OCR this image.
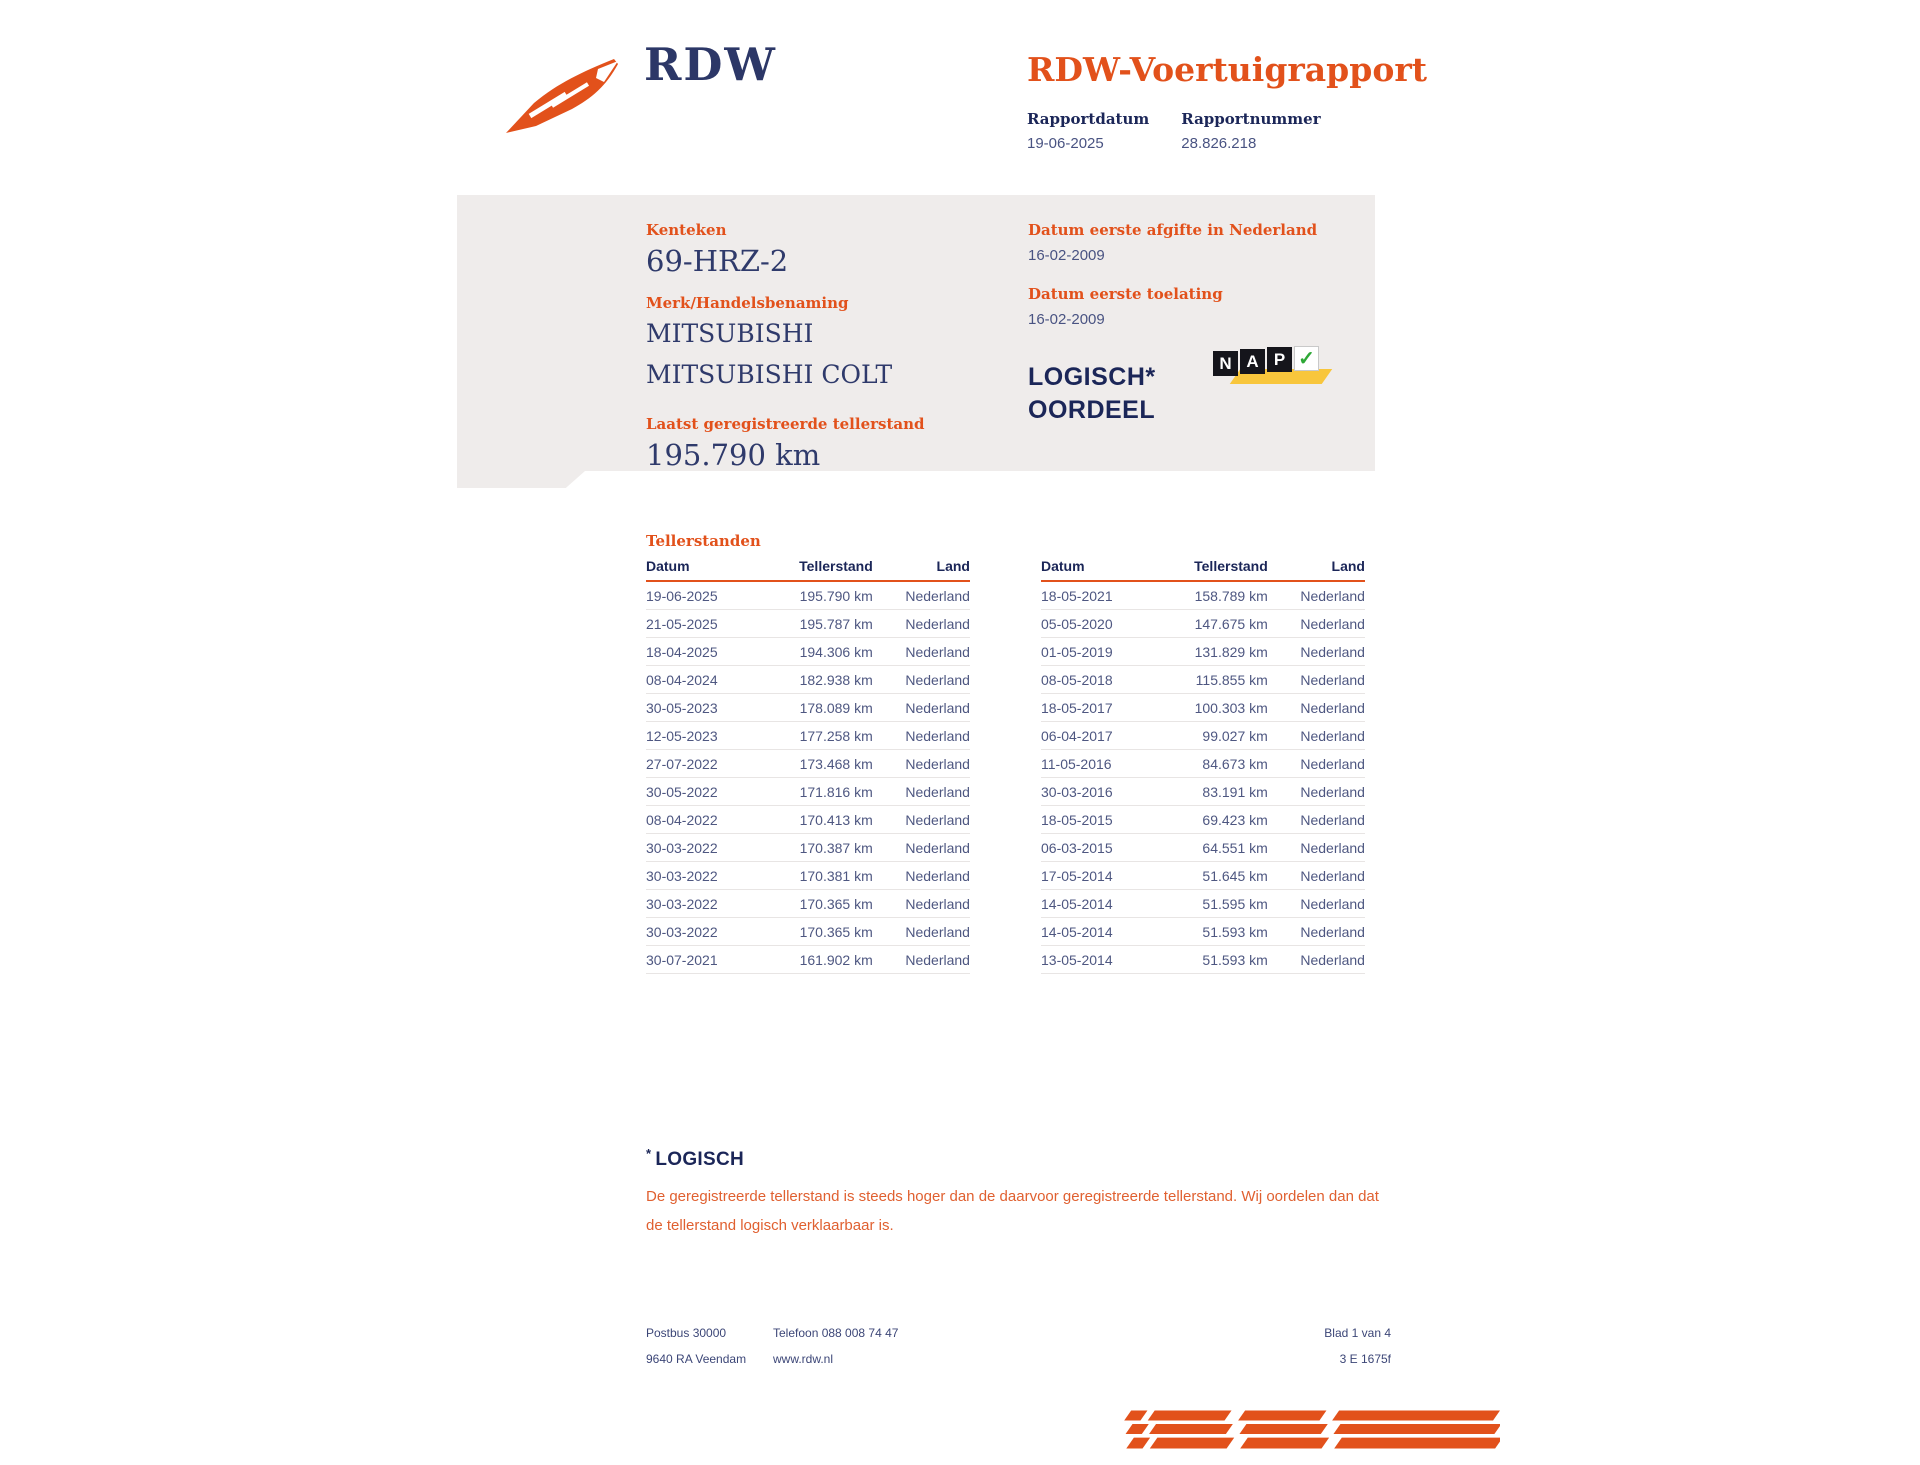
RDW	RDW-Voertuigrapport
Rapportdatum
19-06-2025
Rapportnummer
28.826.218
Kenteken
69-HRZ-2
Merk/Handelsbenaming
MITSUBISHI
MITSUBISHI COLT
Laatst geregistreerde tellerstand
195.790 km
Datum eerste afgifte in Nederland
16-02-2009
Datum eerste toelating
16-02-2009
LOGISCH*
OORDEEL
N A P ✓
Tellerstanden
Datum	Tellerstand	Land
19-06-2025	195.790 km	Nederland
21-05-2025	195.787 km	Nederland
18-04-2025	194.306 km	Nederland
08-04-2024	182.938 km	Nederland
30-05-2023	178.089 km	Nederland
12-05-2023	177.258 km	Nederland
27-07-2022	173.468 km	Nederland
30-05-2022	171.816 km	Nederland
08-04-2022	170.413 km	Nederland
30-03-2022	170.387 km	Nederland
30-03-2022	170.381 km	Nederland
30-03-2022	170.365 km	Nederland
30-03-2022	170.365 km	Nederland
30-07-2021	161.902 km	Nederland
Datum	Tellerstand	Land
18-05-2021	158.789 km	Nederland
05-05-2020	147.675 km	Nederland
01-05-2019	131.829 km	Nederland
08-05-2018	115.855 km	Nederland
18-05-2017	100.303 km	Nederland
06-04-2017	99.027 km	Nederland
11-05-2016	84.673 km	Nederland
30-03-2016	83.191 km	Nederland
18-05-2015	69.423 km	Nederland
06-03-2015	64.551 km	Nederland
17-05-2014	51.645 km	Nederland
14-05-2014	51.595 km	Nederland
14-05-2014	51.593 km	Nederland
13-05-2014	51.593 km	Nederland
* LOGISCH
De geregistreerde tellerstand is steeds hoger dan de daarvoor geregistreerde tellerstand. Wij oordelen dan dat de tellerstand logisch verklaarbaar is.
Postbus 30000
9640 RA Veendam
Telefoon 088 008 74 47
www.rdw.nl
Blad 1 van 4
3 E 1675f
